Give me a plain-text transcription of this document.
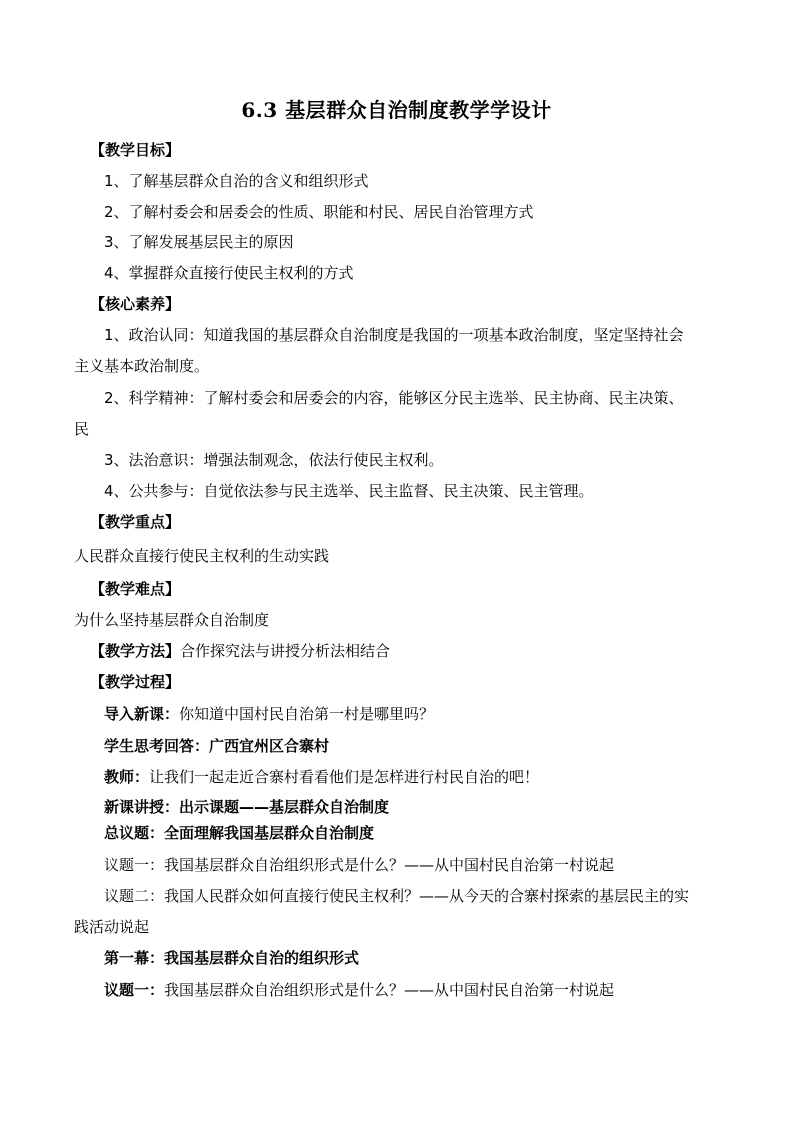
6.3 基层群众自治制度教学学设计
【教学目标】
1、了解基层群众自治的含义和组织形式
2、了解村委会和居委会的性质、职能和村民、居民自治管理方式
3、了解发展基层民主的原因
4、掌握群众直接行使民主权利的方式
【核心素养】
1、政治认同：知道我国的基层群众自治制度是我国的一项基本政治制度，坚定坚持社会
主义基本政治制度。
2、科学精神：了解村委会和居委会的内容，能够区分民主选举、民主协商、民主决策、
民
3、法治意识：增强法制观念，依法行使民主权利。
4、公共参与：自觉依法参与民主选举、民主监督、民主决策、民主管理。
【教学重点】
人民群众直接行使民主权利的生动实践
【教学难点】
为什么坚持基层群众自治制度
【教学方法】合作探究法与讲授分析法相结合
【教学过程】
导入新课：你知道中国村民自治第一村是哪里吗？
学生思考回答：广西宜州区合寨村
教师：让我们一起走近合寨村看看他们是怎样进行村民自治的吧！
新课讲授：出示课题——基层群众自治制度
总议题：全面理解我国基层群众自治制度
议题一：我国基层群众自治组织形式是什么？——从中国村民自治第一村说起
议题二：我国人民群众如何直接行使民主权利？——从今天的合寨村探索的基层民主的实
践活动说起
第一幕：我国基层群众自治的组织形式
议题一：我国基层群众自治组织形式是什么？——从中国村民自治第一村说起
